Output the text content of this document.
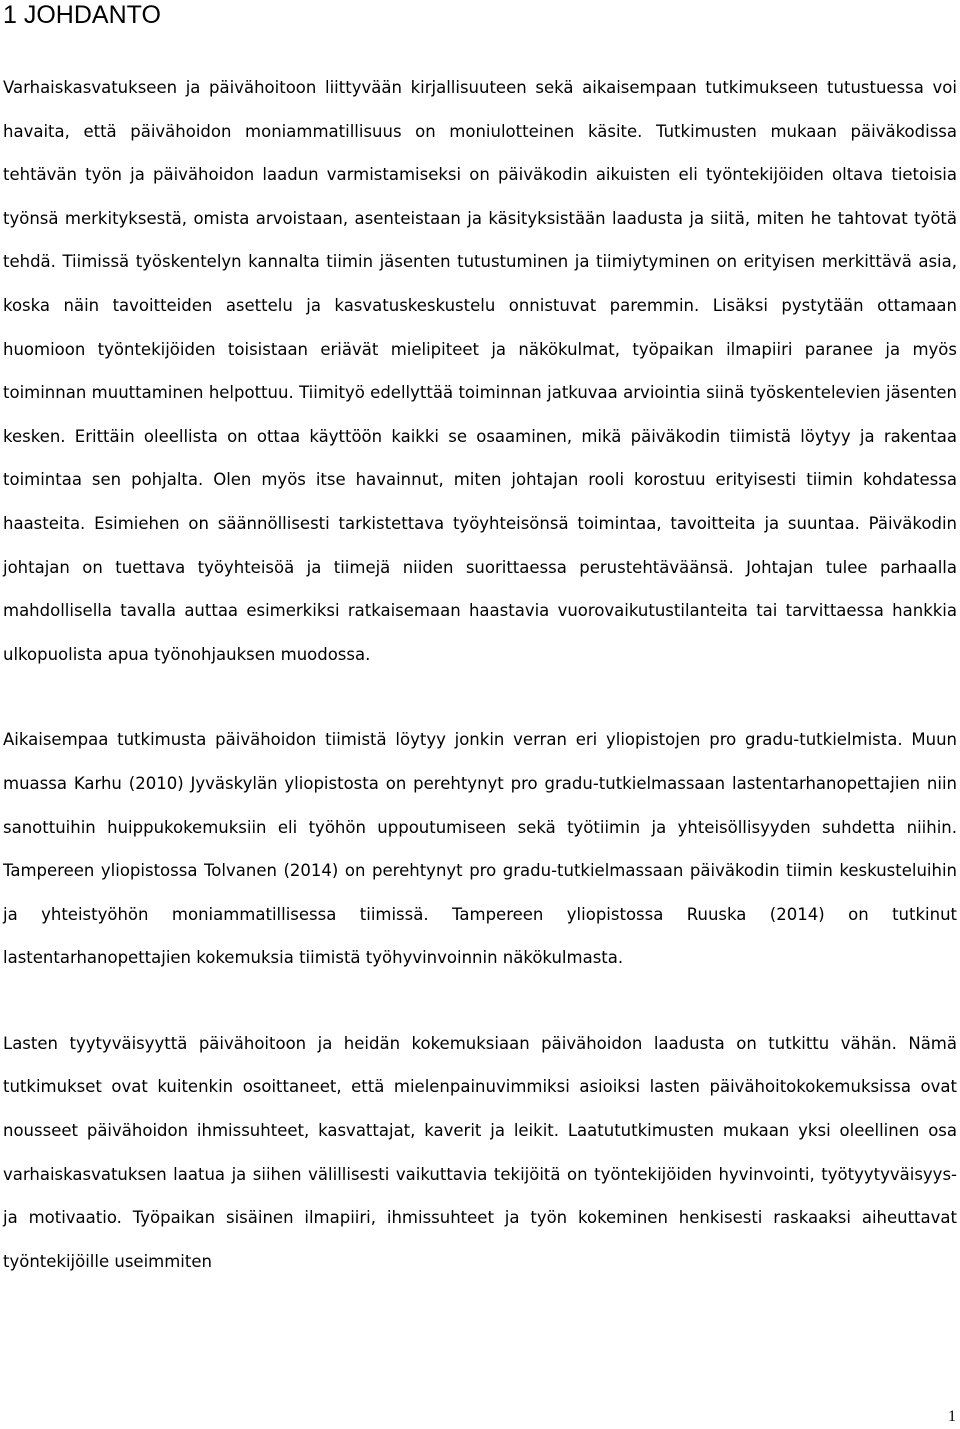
1 JOHDANTO

Varhaiskasvatukseen ja päivähoitoon liittyvään kirjallisuuteen sekä aikaisempaan tutkimukseen tutustuessa voi havaita, että päivähoidon moniammatillisuus on moniulotteinen käsite. Tutkimusten mukaan päiväkodissa tehtävän työn ja päivähoidon laadun varmistamiseksi on päiväkodin aikuisten eli työntekijöiden oltava tietoisia työnsä merkityksestä, omista arvoistaan, asenteistaan ja käsityksistään laadusta ja siitä, miten he tahtovat työtä tehdä. Tiimissä työskentelyn kannalta tiimin jäsenten tutustuminen ja tiimiytyminen on erityisen merkittävä asia, koska näin tavoitteiden asettelu ja kasvatuskeskustelu onnistuvat paremmin. Lisäksi pystytään ottamaan huomioon työntekijöiden toisistaan eriävät mielipiteet ja näkökulmat, työpaikan ilmapiiri paranee ja myös toiminnan muuttaminen helpottuu. Tiimityö edellyttää toiminnan jatkuvaa arviointia siinä työskentelevien jäsenten kesken. Erittäin oleellista on ottaa käyttöön kaikki se osaaminen, mikä päiväkodin tiimistä löytyy ja rakentaa toimintaa sen pohjalta. Olen myös itse havainnut, miten johtajan rooli korostuu erityisesti tiimin kohdatessa haasteita. Esimiehen on säännöllisesti tarkistettava työyhteisönsä toimintaa, tavoitteita ja suuntaa. Päiväkodin johtajan on tuettava työyhteisöä ja tiimejä niiden suorittaessa perustehtäväänsä. Johtajan tulee parhaalla mahdollisella tavalla auttaa esimerkiksi ratkaisemaan haastavia vuorovaikutustilanteita tai tarvittaessa hankkia ulkopuolista apua työnohjauksen muodossa.

Aikaisempaa tutkimusta päivähoidon tiimistä löytyy jonkin verran eri yliopistojen pro gradu-tutkielmista. Muun muassa Karhu (2010) Jyväskylän yliopistosta on perehtynyt pro gradu-tutkielmassaan lastentarhanopettajien niin sanottuihin huippukokemuksiin eli työhön uppoutumiseen sekä työtiimin ja yhteisöllisyyden suhdetta niihin. Tampereen yliopistossa Tolvanen (2014) on perehtynyt pro gradu-tutkielmassaan päiväkodin tiimin keskusteluihin ja yhteistyöhön moniammatillisessa tiimissä. Tampereen yliopistossa Ruuska (2014) on tutkinut lastentarhanopettajien kokemuksia tiimistä työhyvinvoinnin näkökulmasta.

Lasten tyytyväisyyttä päivähoitoon ja heidän kokemuksiaan päivähoidon laadusta on tutkittu vähän. Nämä tutkimukset ovat kuitenkin osoittaneet, että mielenpainuvimmiksi asioiksi lasten päivähoitokokemuksissa ovat nousseet päivähoidon ihmissuhteet, kasvattajat, kaverit ja leikit. Laatututkimusten mukaan yksi oleellinen osa varhaiskasvatuksen laatua ja siihen välillisesti vaikuttavia tekijöitä on työntekijöiden hyvinvointi, työtyytyväisyys- ja motivaatio. Työpaikan sisäinen ilmapiiri, ihmissuhteet ja työn kokeminen henkisesti raskaaksi aiheuttavat työntekijöille useimmiten

1
